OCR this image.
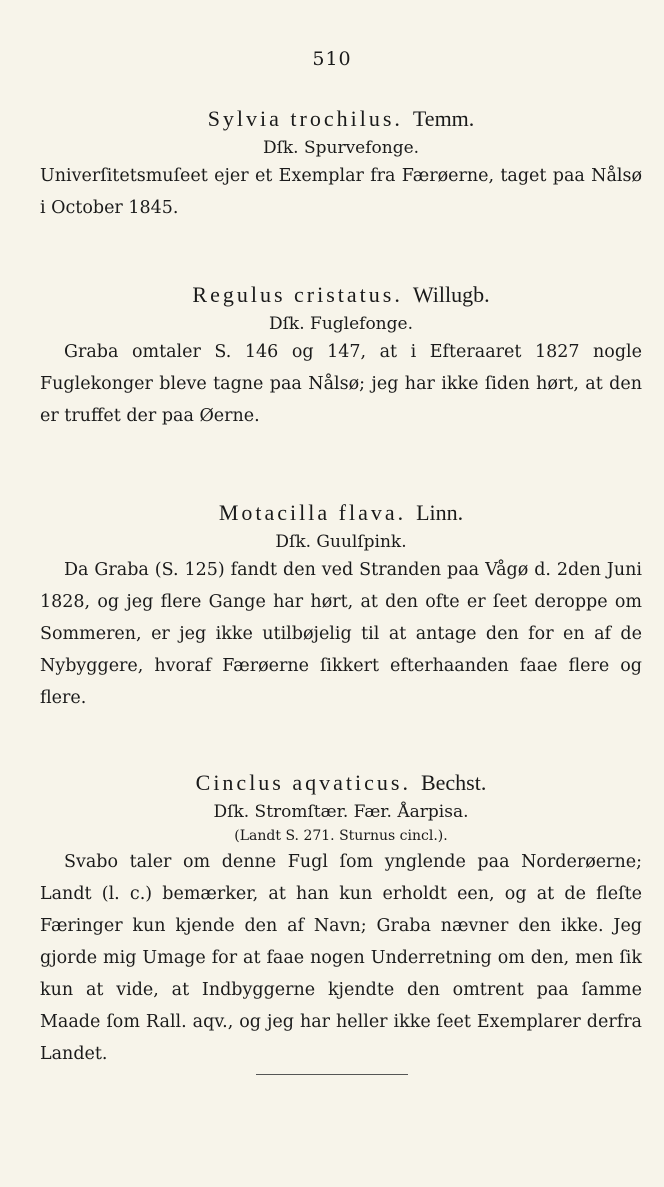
510
Sylvia trochilus. Temm.
Dſk. Spurvefonge.
Univerſitetsmuſeet ejer et Exemplar fra Færøerne, taget paa Nålsø i October 1845.
Regulus cristatus. Willugb.
Dſk. Fuglefonge.
Graba omtaler S. 146 og 147, at i Efteraaret 1827 nogle Fuglekonger bleve tagne paa Nålsø; jeg har ikke ſiden hørt, at den er truffet der paa Øerne.
Motacilla flava. Linn.
Dſk. Guulſpink.
Da Graba (S. 125) fandt den ved Stranden paa Vågø d. 2den Juni 1828, og jeg flere Gange har hørt, at den ofte er ſeet deroppe om Sommeren, er jeg ikke utilbøjelig til at antage den for en af de Nybyggere, hvoraf Færøerne ſikkert efterhaanden faae flere og flere.
Cinclus aqvaticus. Bechst.
Dſk. Stromſtær. Fær. Åarpisa.
(Landt S. 271. Sturnus cincl.).
Svabo taler om denne Fugl ſom ynglende paa Norderøerne; Landt (l. c.) bemærker, at han kun erholdt een, og at de fleſte Færinger kun kjende den af Navn; Graba nævner den ikke. Jeg gjorde mig Umage for at faae nogen Underretning om den, men ſik kun at vide, at Indbyggerne kjendte den omtrent paa ſamme Maade ſom Rall. aqv., og jeg har heller ikke ſeet Exemplarer derfra Landet.
